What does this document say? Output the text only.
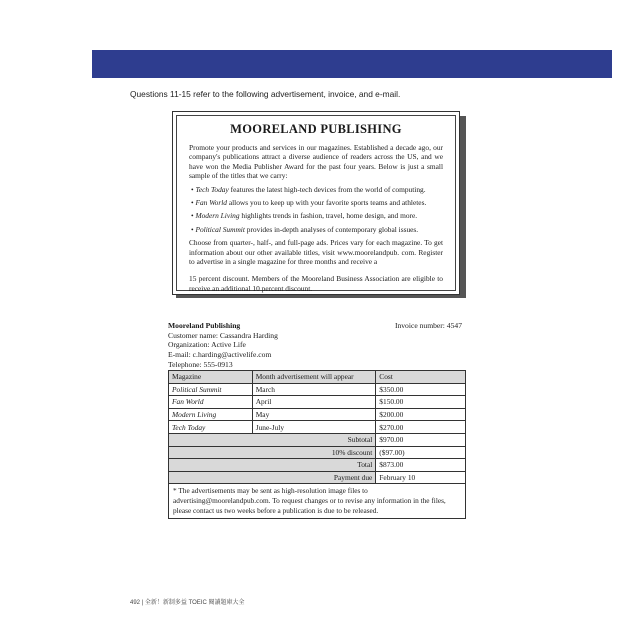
Questions 11-15 refer to the following advertisement, invoice, and e-mail.
MOORELAND PUBLISHING

Promote your products and services in our magazines. Established a decade ago, our company's publications attract a diverse audience of readers across the US, and we have won the Media Publisher Award for the past four years. Below is just a small sample of the titles that we carry:

• Tech Today features the latest high-tech devices from the world of computing.
• Fan World allows you to keep up with your favorite sports teams and athletes.
• Modern Living highlights trends in fashion, travel, home design, and more.
• Political Summit provides in-depth analyses of contemporary global issues.

Choose from quarter-, half-, and full-page ads. Prices vary for each magazine. To get information about our other available titles, visit www.moorelandpub. com. Register to advertise in a single magazine for three months and receive a

15 percent discount. Members of the Mooreland Business Association are eligible to receive an additional 10 percent discount.

Mooreland Publishing	Invoice number: 4547
Customer name: Cassandra Harding
Organization: Active Life
E-mail: c.harding@activelife.com
Telephone: 555-0913
Magazine	Month advertisement will appear	Cost
Political Summit	March	$350.00
Fan World	April	$150.00
Modern Living	May	$200.00
Tech Today	June-July	$270.00
Subtotal		$970.00
10% discount		($97.00)
Total		$873.00
Payment due		February 10
* The advertisements may be sent as high-resolution image files to advertising@moorelandpub.com. To request changes or to revise any information in the files, please contact us two weeks before a publication is due to be released.		
492 | 全新！新制多益 TOEIC 閱讀題庫大全
